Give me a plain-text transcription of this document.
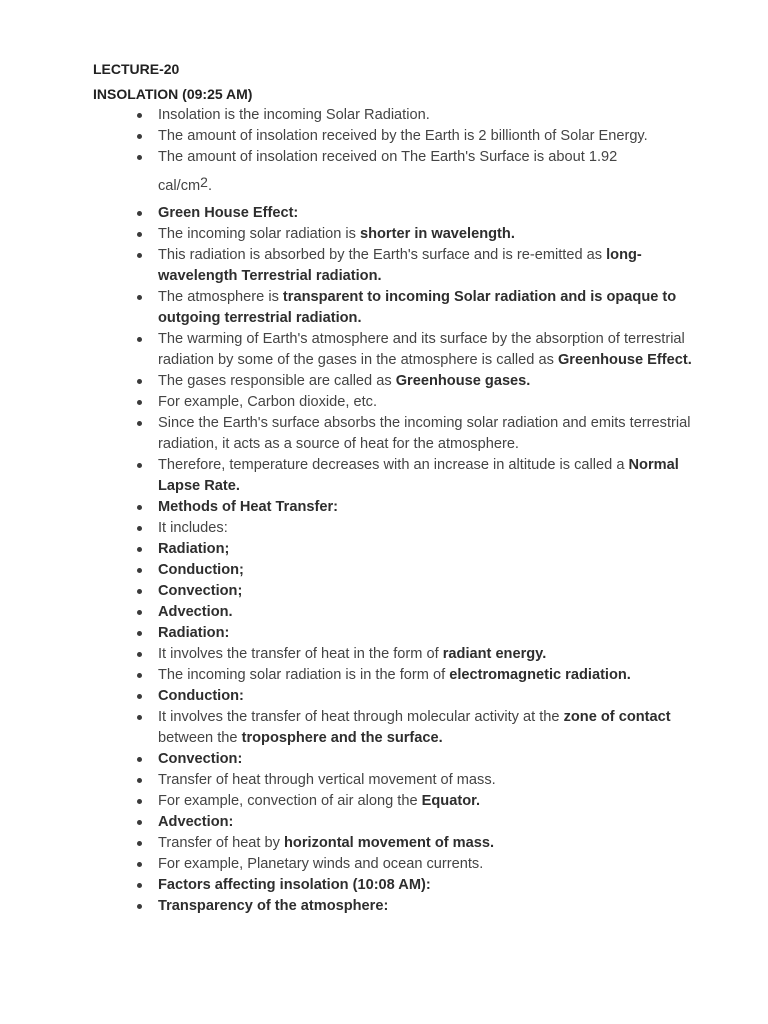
LECTURE-20
INSOLATION (09:25 AM)
Insolation is the incoming Solar Radiation.
The amount of insolation received by the Earth is 2 billionth of Solar Energy.
The amount of insolation received on The Earth's Surface is about 1.92
cal/$cm^2$.
Green House Effect:
The incoming solar radiation is shorter in wavelength.
This radiation is absorbed by the Earth's surface and is re-emitted as long-wavelength Terrestrial radiation.
The atmosphere is transparent to incoming Solar radiation and is opaque to outgoing terrestrial radiation.
The warming of Earth's atmosphere and its surface by the absorption of terrestrial radiation by some of the gases in the atmosphere is called as Greenhouse Effect.
The gases responsible are called as Greenhouse gases.
For example, Carbon dioxide, etc.
Since the Earth's surface absorbs the incoming solar radiation and emits terrestrial radiation, it acts as a source of heat for the atmosphere.
Therefore, temperature decreases with an increase in altitude is called a Normal Lapse Rate.
Methods of Heat Transfer:
It includes:
Radiation;
Conduction;
Convection;
Advection.
Radiation:
It involves the transfer of heat in the form of radiant energy.
The incoming solar radiation is in the form of electromagnetic radiation.
Conduction:
It involves the transfer of heat through molecular activity at the zone of contact between the troposphere and the surface.
Convection:
Transfer of heat through vertical movement of mass.
For example, convection of air along the Equator.
Advection:
Transfer of heat by horizontal movement of mass.
For example, Planetary winds and ocean currents.
Factors affecting insolation (10:08 AM):
Transparency of the atmosphere:
